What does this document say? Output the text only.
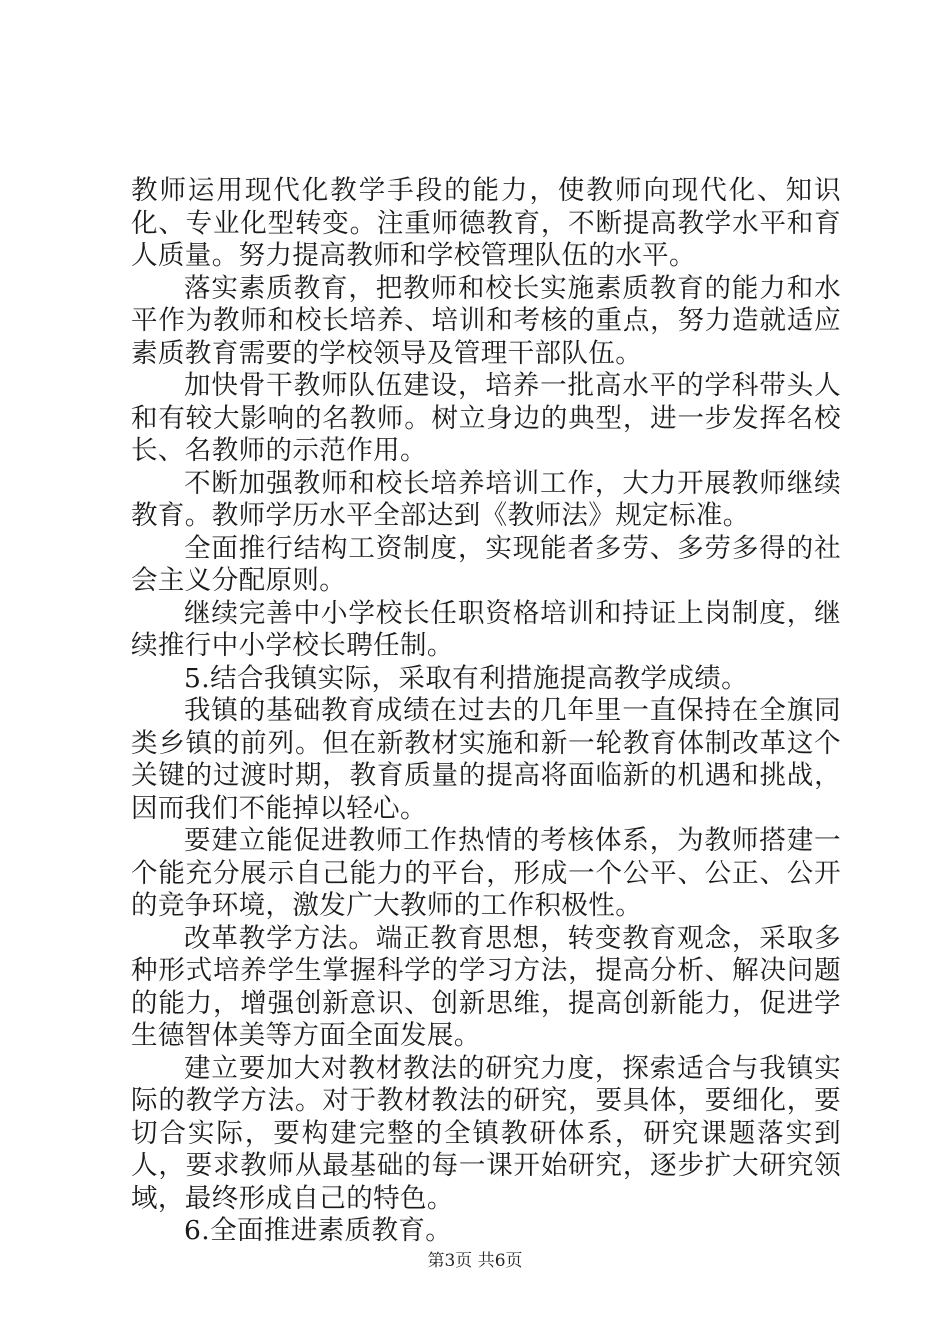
教师运用现代化教学手段的能力，使教师向现代化、知识化、专业化型转变。注重师德教育，不断提高教学水平和育人质量。努力提高教师和学校管理队伍的水平。

落实素质教育，把教师和校长实施素质教育的能力和水平作为教师和校长培养、培训和考核的重点，努力造就适应素质教育需要的学校领导及管理干部队伍。

加快骨干教师队伍建设，培养一批高水平的学科带头人和有较大影响的名教师。树立身边的典型，进一步发挥名校长、名教师的示范作用。

不断加强教师和校长培养培训工作，大力开展教师继续教育。教师学历水平全部达到《教师法》规定标准。

全面推行结构工资制度，实现能者多劳、多劳多得的社会主义分配原则。

继续完善中小学校长任职资格培训和持证上岗制度，继续推行中小学校长聘任制。

5.结合我镇实际，采取有利措施提高教学成绩。

我镇的基础教育成绩在过去的几年里一直保持在全旗同类乡镇的前列。但在新教材实施和新一轮教育体制改革这个关键的过渡时期，教育质量的提高将面临新的机遇和挑战，因而我们不能掉以轻心。

要建立能促进教师工作热情的考核体系，为教师搭建一个能充分展示自己能力的平台，形成一个公平、公正、公开的竞争环境，激发广大教师的工作积极性。

改革教学方法。端正教育思想，转变教育观念，采取多种形式培养学生掌握科学的学习方法，提高分析、解决问题的能力，增强创新意识、创新思维，提高创新能力，促进学生德智体美等方面全面发展。

建立要加大对教材教法的研究力度，探索适合与我镇实际的教学方法。对于教材教法的研究，要具体，要细化，要切合实际，要构建完整的全镇教研体系，研究课题落实到人，要求教师从最基础的每一课开始研究，逐步扩大研究领域，最终形成自己的特色。

6.全面推进素质教育。

第3页 共6页
